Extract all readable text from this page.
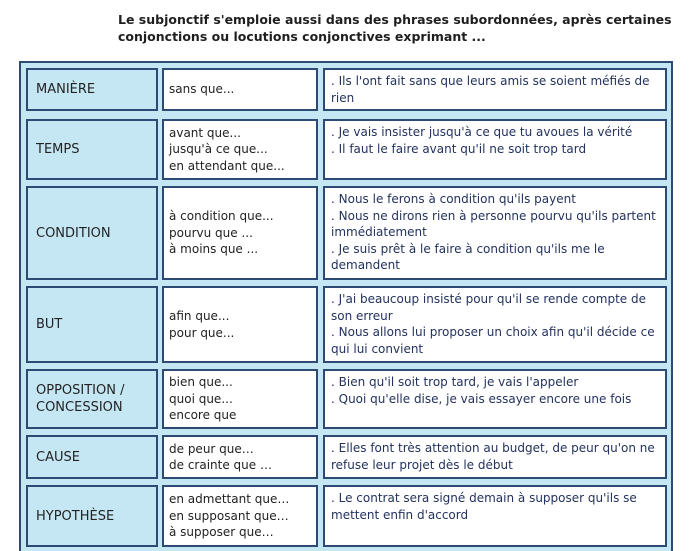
Le subjonctif s'emploie aussi dans des phrases subordonnées, après certaines
conjonctions ou locutions conjonctives exprimant ...
MANIÈRE	sans que...
. Ils l'ont fait sans que leurs amis se soient méfiés de rien
TEMPS
avant que...
jusqu'à ce que...
en attendant que...
. Je vais insister jusqu'à ce que tu avoues la vérité
. Il faut le faire avant qu'il ne soit trop tard
CONDITION
à condition que...
pourvu que ...
à moins que ...
. Nous le ferons à condition qu'ils payent
. Nous ne dirons rien à personne pourvu qu'ils partent immédiatement
. Je suis prêt à le faire à condition qu'ils me le demandent
BUT
afin que...
pour que...
. J'ai beaucoup insisté pour qu'il se rende compte de son erreur
. Nous allons lui proposer un choix afin qu'il décide ce qui lui convient
OPPOSITION /
CONCESSION
bien que...
quoi que...
encore que
. Bien qu'il soit trop tard, je vais l'appeler
. Quoi qu'elle dise, je vais essayer encore une fois
CAUSE
de peur que…
de crainte que …
. Elles font très attention au budget, de peur qu'on ne refuse leur projet dès le début
HYPOTHÈSE
en admettant que…
en supposant que…
à supposer que…
. Le contrat sera signé demain à supposer qu'ils se mettent enfin d'accord
